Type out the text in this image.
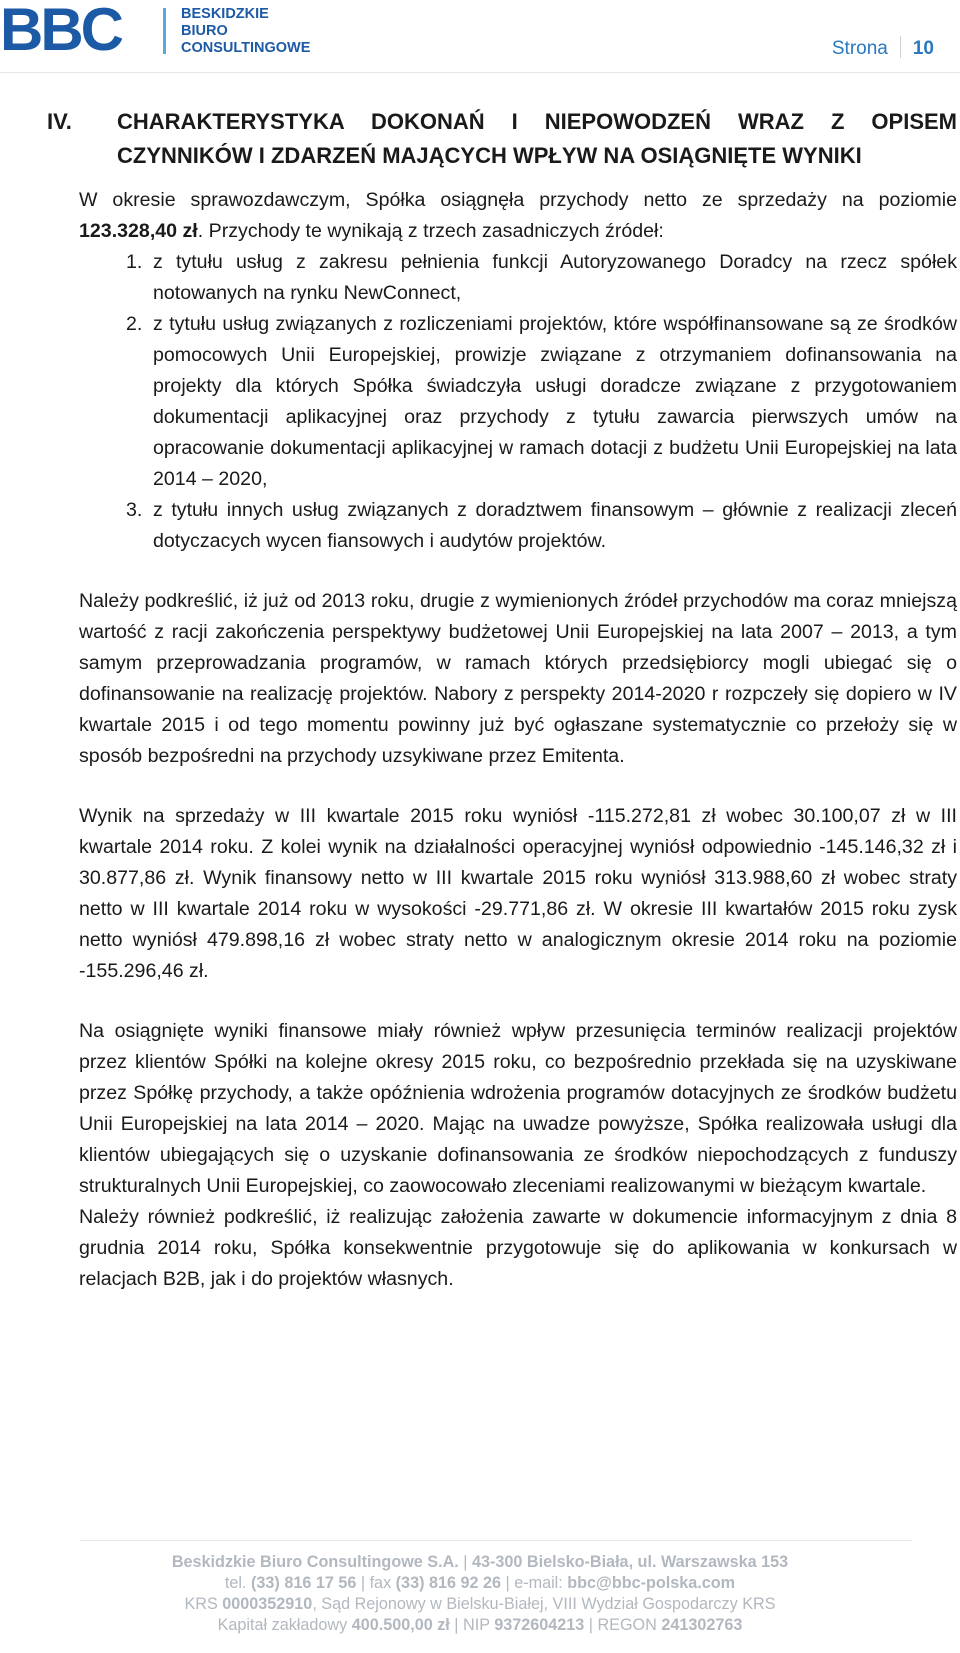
BBC	BESKIDZKIE
BIURO
CONSULTINGOWE	Strona 10
IV. CHARAKTERYSTYKA DOKONAŃ I NIEPOWODZEŃ WRAZ Z OPISEM CZYNNIKÓW I ZDARZEŃ MAJĄCYCH WPŁYW NA OSIĄGNIĘTE WYNIKI

W okresie sprawozdawczym, Spółka osiągnęła przychody netto ze sprzedaży na poziomie 123.328,40 zł. Przychody te wynikają z trzech zasadniczych źródeł:

1. z tytułu usług z zakresu pełnienia funkcji Autoryzowanego Doradcy na rzecz spółek notowanych na rynku NewConnect,
2. z tytułu usług związanych z rozliczeniami projektów, które współfinansowane są ze środków pomocowych Unii Europejskiej, prowizje związane z otrzymaniem dofinansowania na projekty dla których Spółka świadczyła usługi doradcze związane z przygotowaniem dokumentacji aplikacyjnej oraz przychody z tytułu zawarcia pierwszych umów na opracowanie dokumentacji aplikacyjnej w ramach dotacji z budżetu Unii Europejskiej na lata 2014 – 2020,
3. z tytułu innych usług związanych z doradztwem finansowym – głównie z realizacji zleceń dotyczacych wycen fiansowych i audytów projektów.

Należy podkreślić, iż już od 2013 roku, drugie z wymienionych źródeł przychodów ma coraz mniejszą wartość z racji zakończenia perspektywy budżetowej Unii Europejskiej na lata 2007 – 2013, a tym samym przeprowadzania programów, w ramach których przedsiębiorcy mogli ubiegać się o dofinansowanie na realizację projektów. Nabory z perspekty 2014-2020 r rozpczeły się dopiero w IV kwartale 2015 i od tego momentu powinny już być ogłaszane systematycznie co przełoży się w sposób bezpośredni na przychody uzsykiwane przez Emitenta.

Wynik na sprzedaży w III kwartale 2015 roku wyniósł -115.272,81 zł wobec 30.100,07 zł w III kwartale 2014 roku. Z kolei wynik na działalności operacyjnej wyniósł odpowiednio -145.146,32 zł i 30.877,86 zł. Wynik finansowy netto w III kwartale 2015 roku wyniósł 313.988,60 zł wobec straty netto w III kwartale 2014 roku w wysokości -29.771,86 zł. W okresie III kwartałów 2015 roku zysk netto wyniósł 479.898,16 zł wobec straty netto w analogicznym okresie 2014 roku na poziomie -155.296,46 zł.

Na osiągnięte wyniki finansowe miały również wpływ przesunięcia terminów realizacji projektów przez klientów Spółki na kolejne okresy 2015 roku, co bezpośrednio przekłada się na uzyskiwane przez Spółkę przychody, a także opóźnienia wdrożenia programów dotacyjnych ze środków budżetu Unii Europejskiej na lata 2014 – 2020. Mając na uwadze powyższe, Spółka realizowała usługi dla klientów ubiegających się o uzyskanie dofinansowania ze środków niepochodzących z funduszy strukturalnych Unii Europejskiej, co zaowocowało zleceniami realizowanymi w bieżącym kwartale.

Należy również podkreślić, iż realizując założenia zawarte w dokumencie informacyjnym z dnia 8 grudnia 2014 roku, Spółka konsekwentnie przygotowuje się do aplikowania w konkursach w relacjach B2B, jak i do projektów własnych.

Beskidzkie Biuro Consultingowe S.A. | 43-300 Bielsko-Biała, ul. Warszawska 153
tel. (33) 816 17 56 | fax (33) 816 92 26 | e-mail: bbc@bbc-polska.com
KRS 0000352910, Sąd Rejonowy w Bielsku-Białej, VIII Wydział Gospodarczy KRS
Kapitał zakładowy 400.500,00 zł | NIP 9372604213 | REGON 241302763
